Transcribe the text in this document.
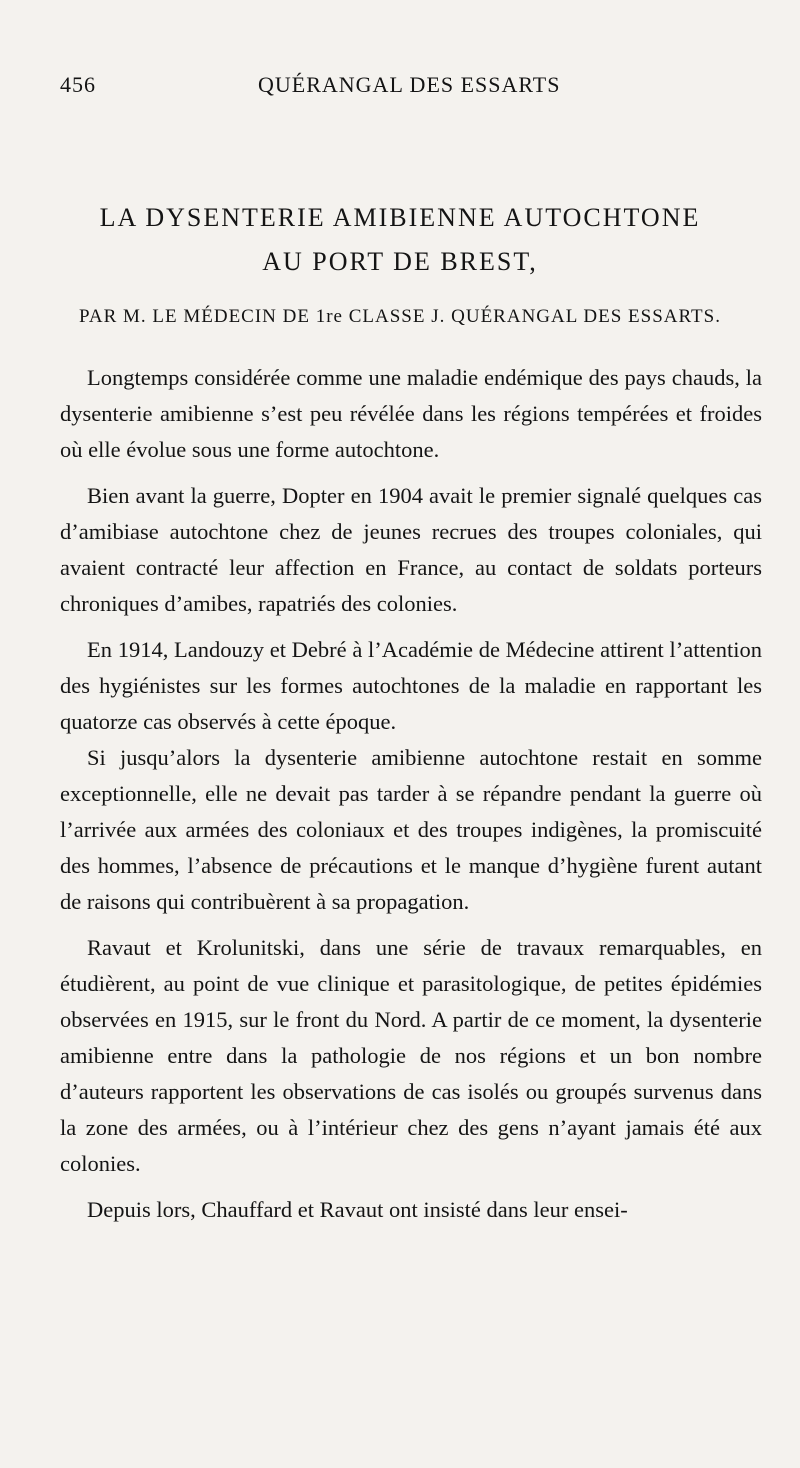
456	QUÉRANGAL DES ESSARTS
LA DYSENTERIE AMIBIENNE AUTOCHTONE
AU PORT DE BREST,
PAR M. LE MÉDECIN DE 1re CLASSE J. QUÉRANGAL DES ESSARTS.

Longtemps considérée comme une maladie endémique des pays chauds, la dysenterie amibienne s’est peu révélée dans les régions tempérées et froides où elle évolue sous une forme autochtone.

Bien avant la guerre, Dopter en 1904 avait le premier signalé quelques cas d’amibiase autochtone chez de jeunes recrues des troupes coloniales, qui avaient contracté leur affection en France, au contact de soldats porteurs chroniques d’amibes, rapatriés des colonies.

En 1914, Landouzy et Debré à l’Académie de Médecine attirent l’attention des hygiénistes sur les formes autochtones de la maladie en rapportant les quatorze cas observés à cette époque.

Si jusqu’alors la dysenterie amibienne autochtone restait en somme exceptionnelle, elle ne devait pas tarder à se répandre pendant la guerre où l’arrivée aux armées des coloniaux et des troupes indigènes, la promiscuité des hommes, l’absence de précautions et le manque d’hygiène furent autant de raisons qui contribuèrent à sa propagation.

Ravaut et Krolunitski, dans une série de travaux remarquables, en étudièrent, au point de vue clinique et parasitologique, de petites épidémies observées en 1915, sur le front du Nord. A partir de ce moment, la dysenterie amibienne entre dans la pathologie de nos régions et un bon nombre d’auteurs rapportent les observations de cas isolés ou groupés survenus dans la zone des armées, ou à l’intérieur chez des gens n’ayant jamais été aux colonies.

Depuis lors, Chauffard et Ravaut ont insisté dans leur ensei-
